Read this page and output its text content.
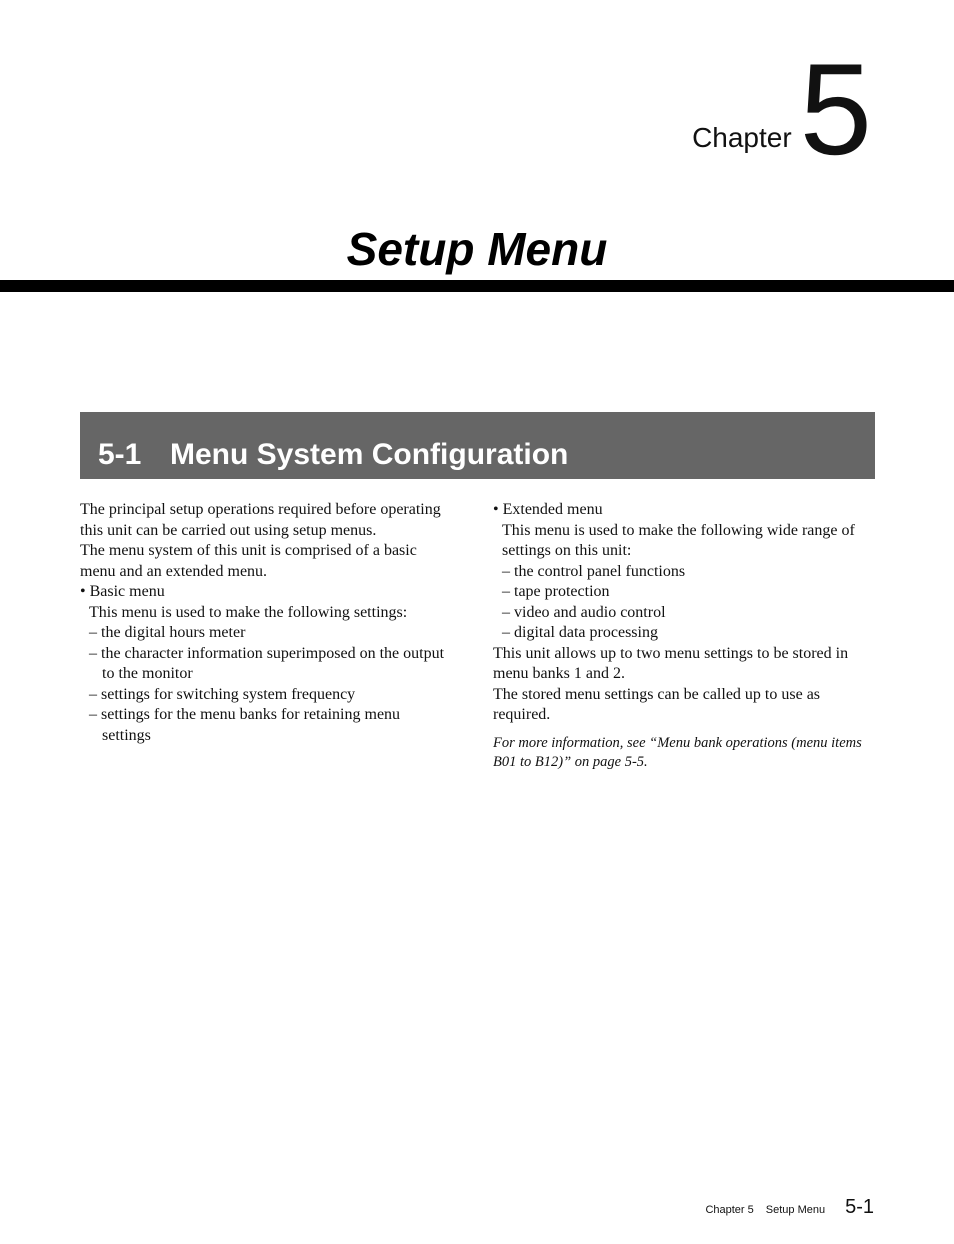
Chapter 5
Setup Menu
5-1 Menu System Configuration

The principal setup operations required before operating this unit can be carried out using setup menus.

The menu system of this unit is comprised of a basic menu and an extended menu.

• Basic menu

This menu is used to make the following settings:

– the digital hours meter

– the character information superimposed on the output to the monitor

– settings for switching system frequency

– settings for the menu banks for retaining menu settings

• Extended menu

This menu is used to make the following wide range of settings on this unit:

– the control panel functions

– tape protection

– video and audio control

– digital data processing

This unit allows up to two menu settings to be stored in menu banks 1 and 2.

The stored menu settings can be called up to use as required.

For more information, see “Menu bank operations (menu items B01 to B12)” on page 5-5.

Chapter 5 Setup Menu 5-1
